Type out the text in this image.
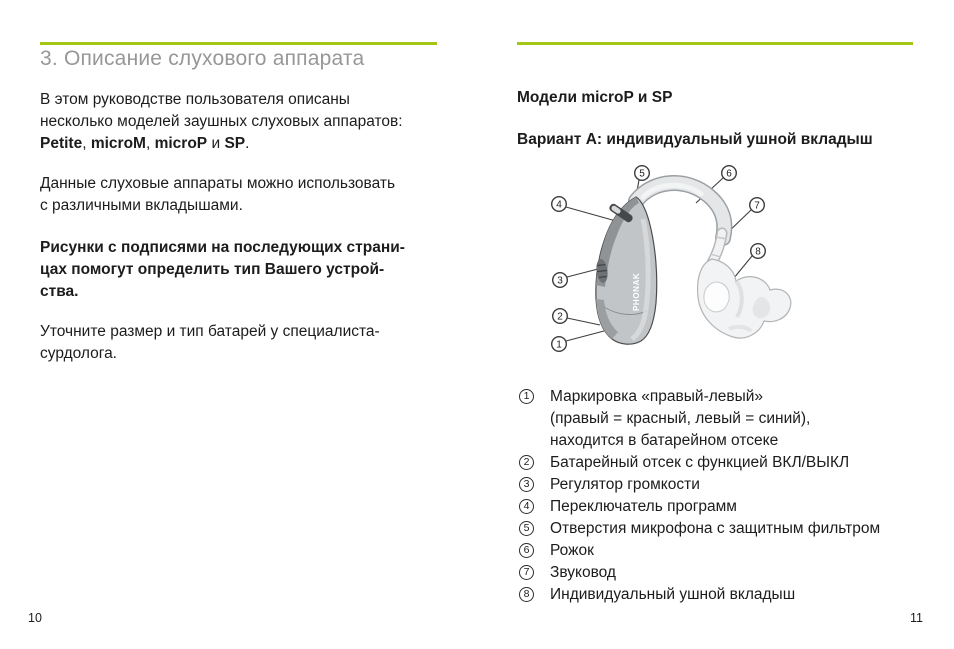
3. Описание слухового аппарата
В этом руководстве пользователя описаны
несколько моделей заушных слуховых аппаратов:
Petite, microM, microP и SP.
Данные слуховые аппараты можно использовать
с различными вкладышами.
Рисунки с подписями на последующих страни-
цах помогут определить тип Вашего устрой-
ства.
Уточните размер и тип батарей у специалиста-
сурдолога.
10
Модели microP и SP
Вариант А: индивидуальный ушной вкладыш
PHONAK
1
2
3
4
5	6
7
8
1 Маркировка «правый-левый»
(правый = красный, левый = синий),
находится в батарейном отсеке
2 Батарейный отсек с функцией ВКЛ/ВЫКЛ
3 Регулятор громкости
4 Переключатель программ
5 Отверстия микрофона с защитным фильтром
6 Рожок
7 Звуковод
8 Индивидуальный ушной вкладыш
11
